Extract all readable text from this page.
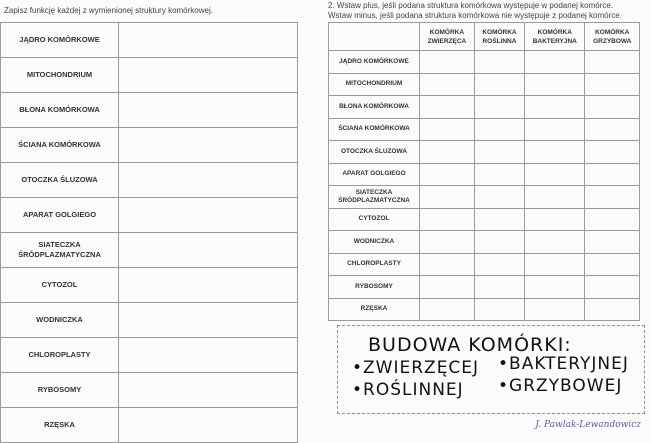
Zapisz funkcję każdej z wymienionej struktury komórkowej.
JĄDRO KOMÓRKOWE	
MITOCHONDRIUM	
BŁONA KOMÓRKOWA	
ŚCIANA KOMÓRKOWA	
OTOCZKA ŚLUZOWA	
APARAT GOLGIEGO	
SIATECZKA ŚRÓDPLAZMATYCZNA	
CYTOZOL	
WODNICZKA	
CHLOROPLASTY	
RYBOSOMY	
RZĘSKA	
2. Wstaw plus, jeśli podana struktura komórkowa występuje w podanej komórce.
Wstaw minus, jeśli podana struktura komórkowa nie występuje z podanej komórce.
	KOMÓRKA ZWIERZĘCA	KOMÓRKA ROŚLINNA	KOMÓRKA BAKTERYJNA	KOMÓRKA GRZYBOWA
JĄDRO KOMÓRKOWE				
MITOCHONDRIUM				
BŁONA KOMÓRKOWA				
ŚCIANA KOMÓRKOWA				
OTOCZKA ŚLUZOWA				
APARAT GOLGIEGO				
SIATECZKA ŚRÓDPLAZMATYCZNA				
CYTOZOL				
WODNICZKA				
CHLOROPLASTY				
RYBOSOMY				
RZĘSKA				
BUDOWA KOMÓRKI:
•ZWIERZĘCEJ •BAKTERYJNEJ
•ROŚLINNEJ •GRZYBOWEJ
J. Pawlak-Lewandowicz
